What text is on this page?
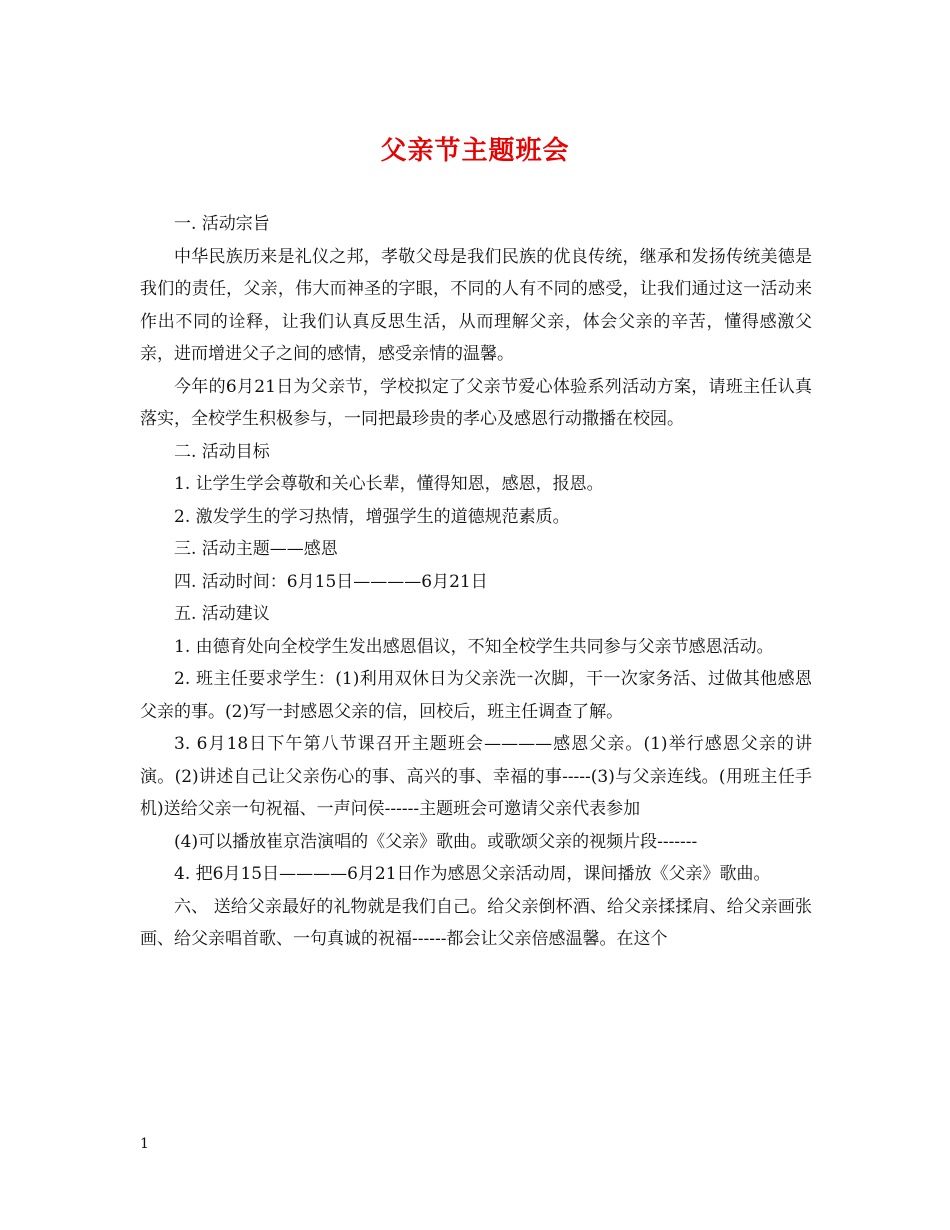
父亲节主题班会

一. 活动宗旨

中华民族历来是礼仪之邦，孝敬父母是我们民族的优良传统，继承和发扬传统美德是我们的责任，父亲，伟大而神圣的字眼，不同的人有不同的感受，让我们通过这一活动来作出不同的诠释，让我们认真反思生活，从而理解父亲，体会父亲的辛苦，懂得感激父亲，进而增进父子之间的感情，感受亲情的温馨。

今年的6月21日为父亲节，学校拟定了父亲节爱心体验系列活动方案，请班主任认真落实，全校学生积极参与，一同把最珍贵的孝心及感恩行动撒播在校园。

二. 活动目标

1. 让学生学会尊敬和关心长辈，懂得知恩，感恩，报恩。

2. 激发学生的学习热情，增强学生的道德规范素质。

三. 活动主题——感恩

四. 活动时间：6月15日————6月21日

五. 活动建议

1. 由德育处向全校学生发出感恩倡议，不知全校学生共同参与父亲节感恩活动。

2. 班主任要求学生：(1)利用双休日为父亲洗一次脚，干一次家务活、过做其他感恩父亲的事。(2)写一封感恩父亲的信，回校后，班主任调查了解。

3. 6月18日下午第八节课召开主题班会————感恩父亲。(1)举行感恩父亲的讲演。(2)讲述自己让父亲伤心的事、高兴的事、幸福的事-----(3)与父亲连线。(用班主任手机)送给父亲一句祝福、一声问侯------主题班会可邀请父亲代表参加

(4)可以播放崔京浩演唱的《父亲》歌曲。或歌颂父亲的视频片段-------

4. 把6月15日————6月21日作为感恩父亲活动周，课间播放《父亲》歌曲。

六、 送给父亲最好的礼物就是我们自己。给父亲倒杯酒、给父亲揉揉肩、给父亲画张画、给父亲唱首歌、一句真诚的祝福------都会让父亲倍感温馨。在这个

1
